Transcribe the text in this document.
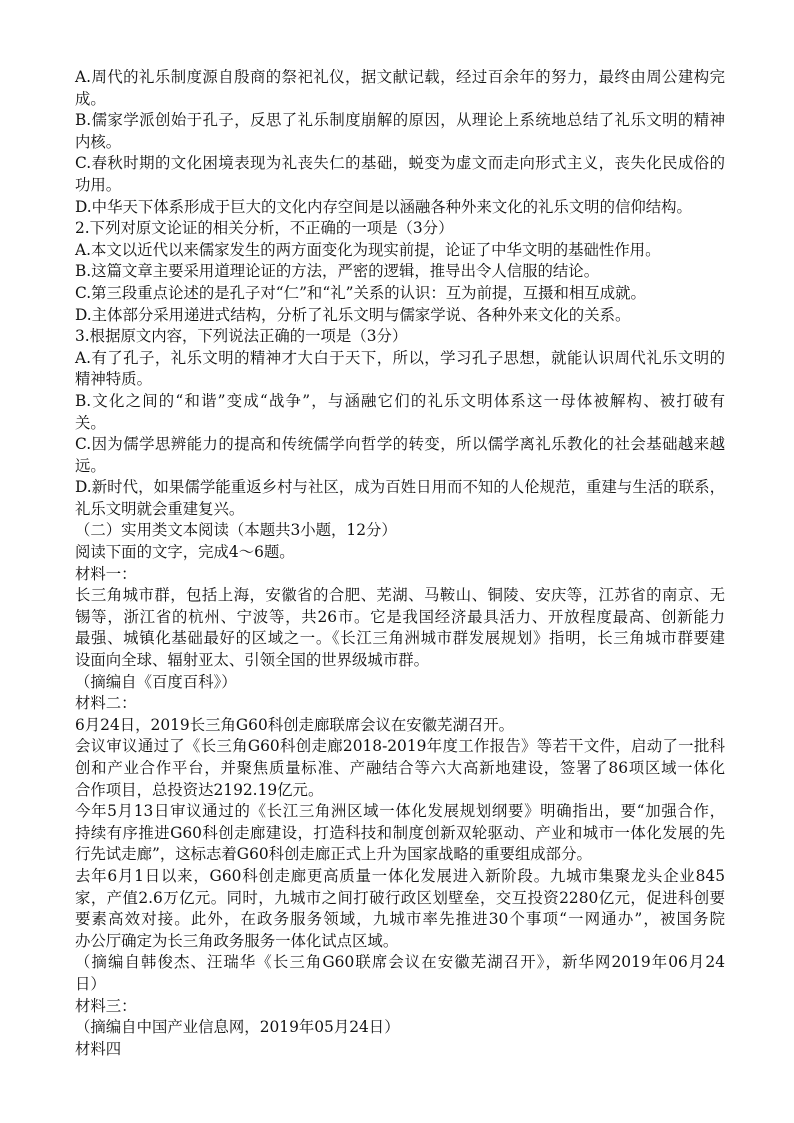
A.周代的礼乐制度源自殷商的祭祀礼仪，据文献记载，经过百余年的努力，最终由周公建构完
成。
B.儒家学派创始于孔子，反思了礼乐制度崩解的原因，从理论上系统地总结了礼乐文明的精神
内核。
C.春秋时期的文化困境表现为礼丧失仁的基础，蜕变为虚文而走向形式主义，丧失化民成俗的
功用。
D.中华天下体系形成于巨大的文化内存空间是以涵融各种外来文化的礼乐文明的信仰结构。
2.下列对原文论证的相关分析，不正确的一项是（3分）
A.本文以近代以来儒家发生的两方面变化为现实前提，论证了中华文明的基础性作用。
B.这篇文章主要采用道理论证的方法，严密的逻辑，推导出令人信服的结论。
C.第三段重点论述的是孔子对“仁”和“礼”关系的认识：互为前提，互摄和相互成就。
D.主体部分采用递进式结构，分析了礼乐文明与儒家学说、各种外来文化的关系。
3.根据原文内容，下列说法正确的一项是（3分）
A.有了孔子，礼乐文明的精神才大白于天下，所以，学习孔子思想，就能认识周代礼乐文明的
精神特质。
B.文化之间的“和谐”变成“战争”，与涵融它们的礼乐文明体系这一母体被解构、被打破有
关。
C.因为儒学思辨能力的提高和传统儒学向哲学的转变，所以儒学离礼乐教化的社会基础越来越
远。
D.新时代，如果儒学能重返乡村与社区，成为百姓日用而不知的人伦规范，重建与生活的联系，
礼乐文明就会重建复兴。
（二）实用类文本阅读（本题共3小题，12分）
阅读下面的文字，完成4～6题。
材料一：
长三角城市群，包括上海，安徽省的合肥、芜湖、马鞍山、铜陵、安庆等，江苏省的南京、无
锡等，浙江省的杭州、宁波等，共26市。它是我国经济最具活力、开放程度最高、创新能力
最强、城镇化基础最好的区域之一。《长江三角洲城市群发展规划》指明，长三角城市群要建
设面向全球、辐射亚太、引领全国的世界级城市群。
（摘编自《百度百科》）
材料二：
6月24日，2019长三角G60科创走廊联席会议在安徽芜湖召开。
会议审议通过了《长三角G60科创走廊2018-2019年度工作报告》等若干文件，启动了一批科
创和产业合作平台，并聚焦质量标准、产融结合等六大高新地建设，签署了86项区域一体化
合作项目，总投资达2192.19亿元。
今年5月13日审议通过的《长江三角洲区域一体化发展规划纲要》明确指出，要“加强合作，
持续有序推进G60科创走廊建设，打造科技和制度创新双轮驱动、产业和城市一体化发展的先
行先试走廊”，这标志着G60科创走廊正式上升为国家战略的重要组成部分。
去年6月1日以来，G60科创走廊更高质量一体化发展进入新阶段。九城市集聚龙头企业845
家，产值2.6万亿元。同时，九城市之间打破行政区划壁垒，交互投资2280亿元，促进科创要
要素高效对接。此外，在政务服务领域，九城市率先推进30个事项“一网通办”，被国务院
办公厅确定为长三角政务服务一体化试点区域。
（摘编自韩俊杰、汪瑞华《长三角G60联席会议在安徽芜湖召开》，新华网2019年06月24
日）
材料三：
（摘编自中国产业信息网，2019年05月24日）
材料四
